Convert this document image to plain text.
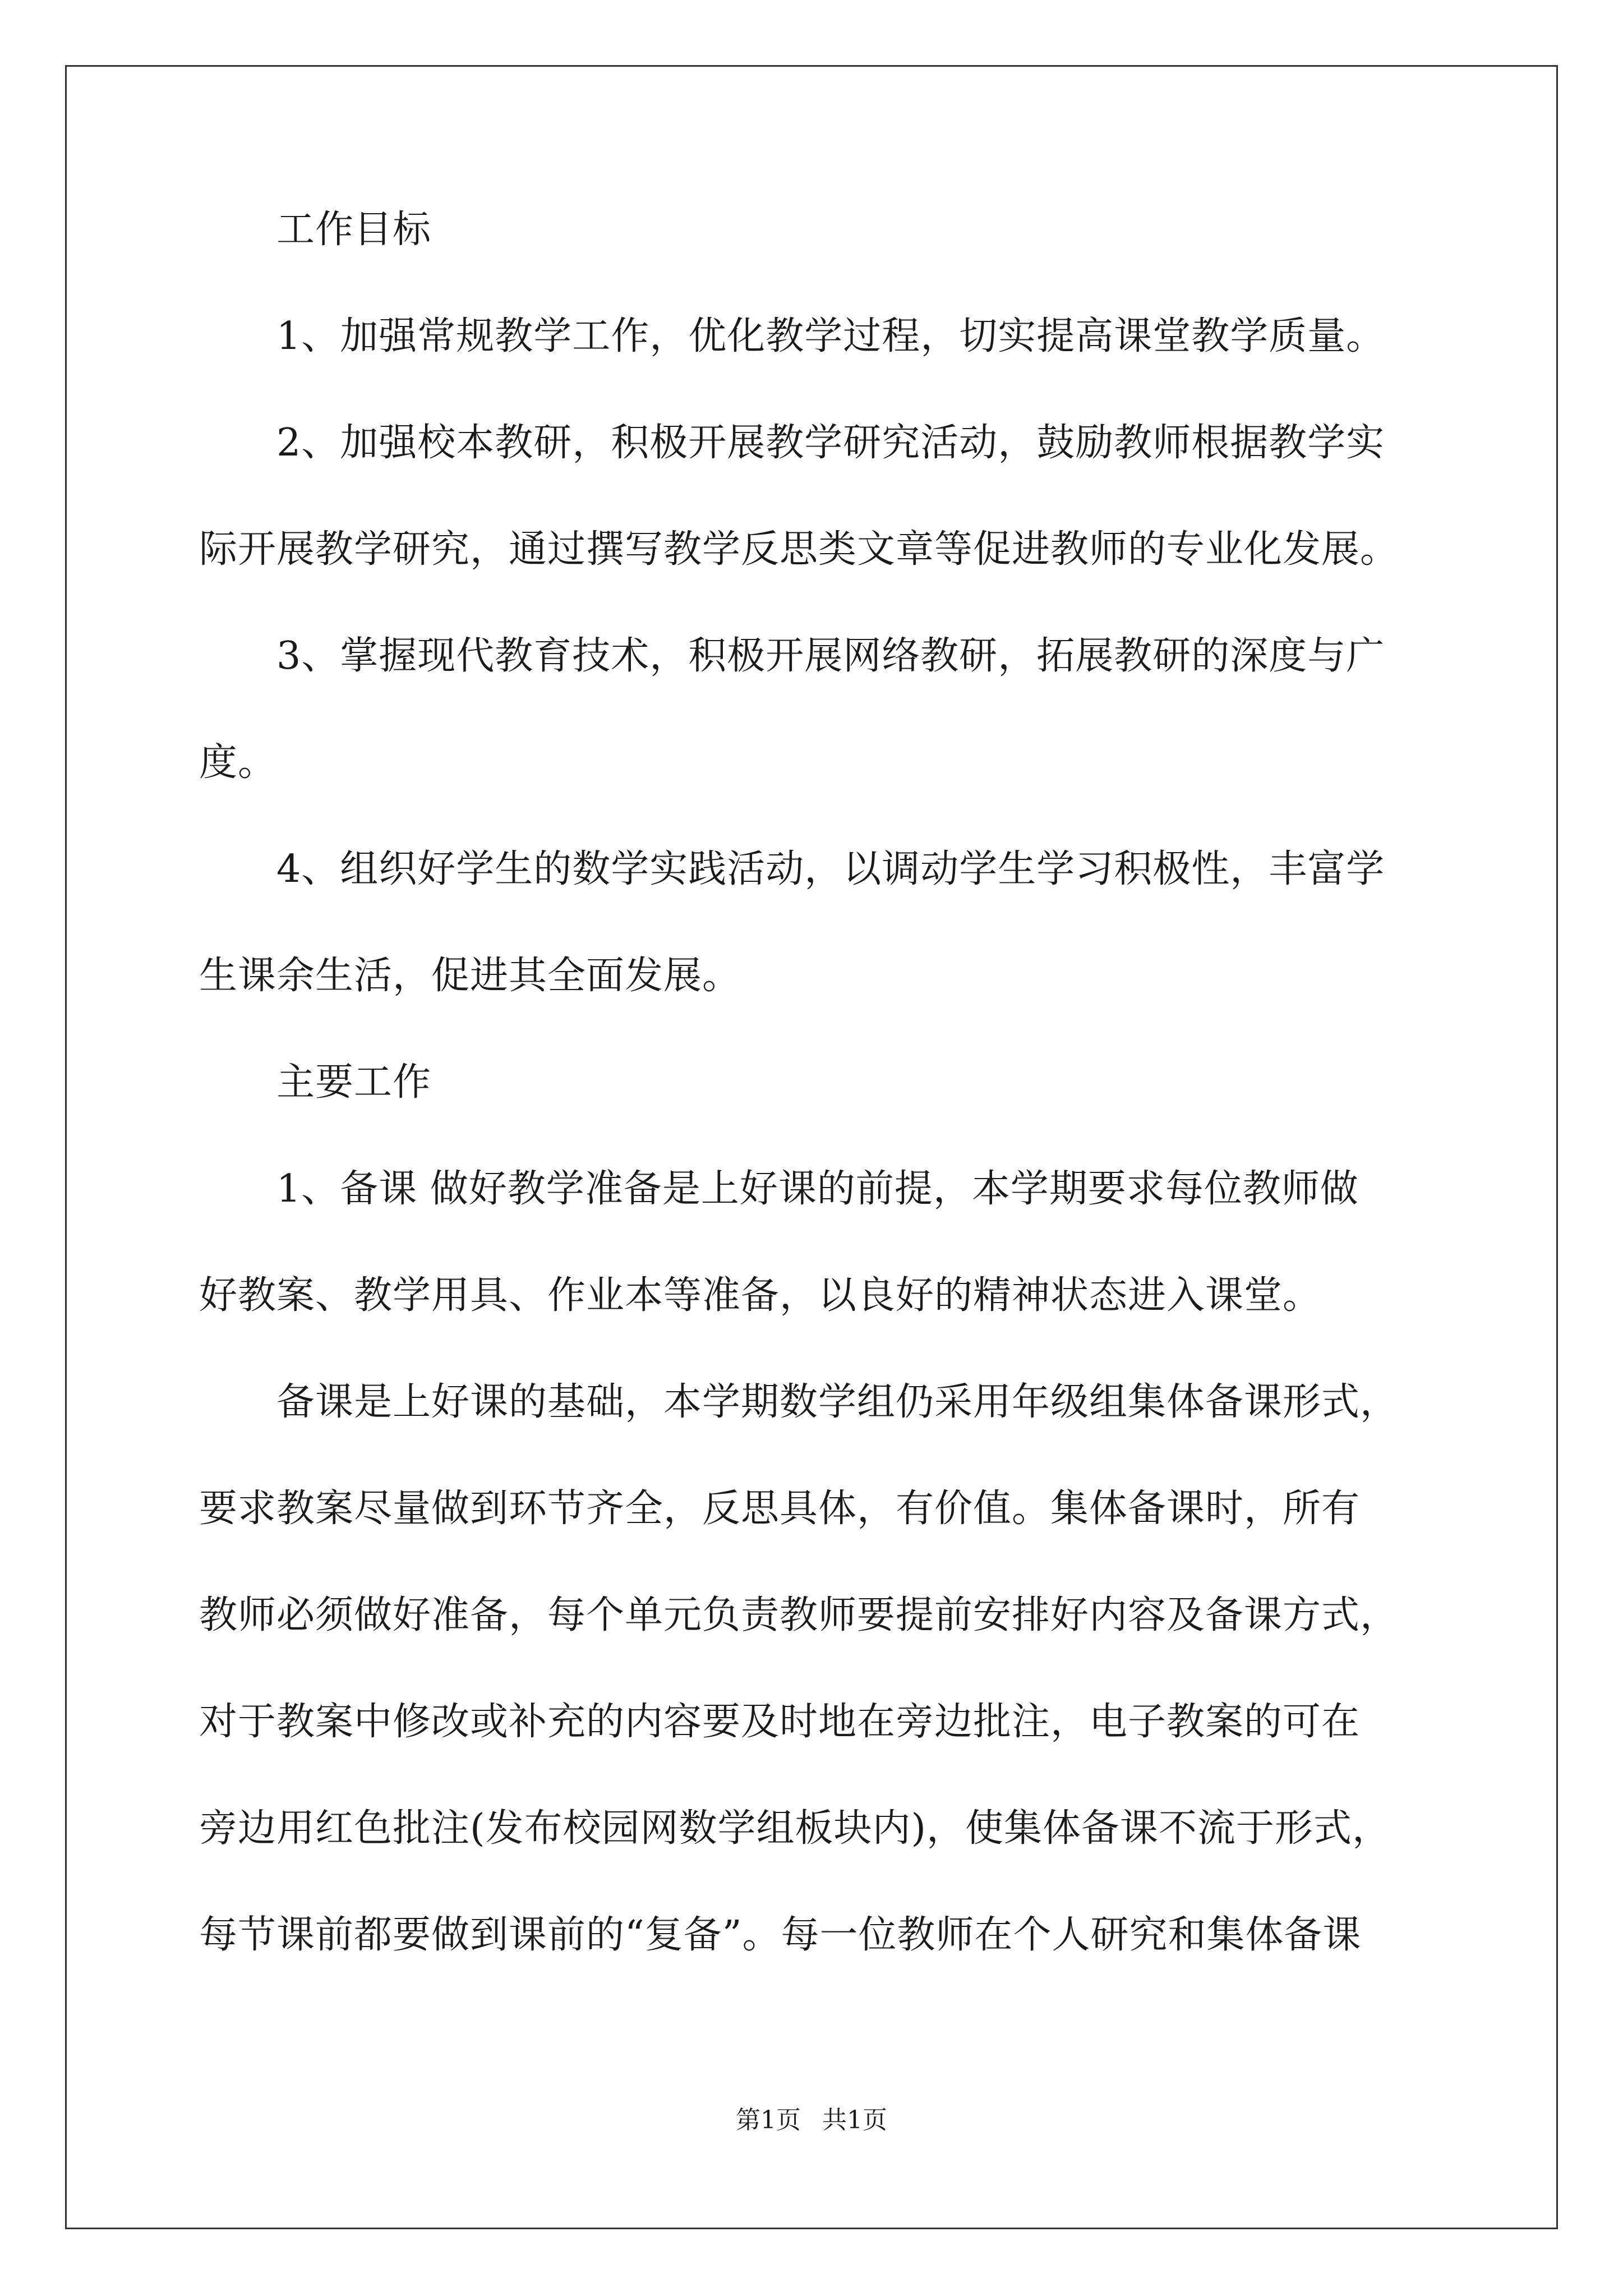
工作目标
1、加强常规教学工作，优化教学过程，切实提高课堂教学质量。
2、加强校本教研，积极开展教学研究活动，鼓励教师根据教学实
际开展教学研究，通过撰写教学反思类文章等促进教师的专业化发展。
3、掌握现代教育技术，积极开展网络教研，拓展教研的深度与广
度。
4、组织好学生的数学实践活动，以调动学生学习积极性，丰富学
生课余生活，促进其全面发展。
主要工作
1、备课 做好教学准备是上好课的前提，本学期要求每位教师做
好教案、教学用具、作业本等准备，以良好的精神状态进入课堂。
备课是上好课的基础，本学期数学组仍采用年级组集体备课形式，
要求教案尽量做到环节齐全，反思具体，有价值。集体备课时，所有
教师必须做好准备，每个单元负责教师要提前安排好内容及备课方式，
对于教案中修改或补充的内容要及时地在旁边批注，电子教案的可在
旁边用红色批注(发布校园网数学组板块内)，使集体备课不流于形式，
每节课前都要做到课前的“复备”。每一位教师在个人研究和集体备课
第1页 共1页
